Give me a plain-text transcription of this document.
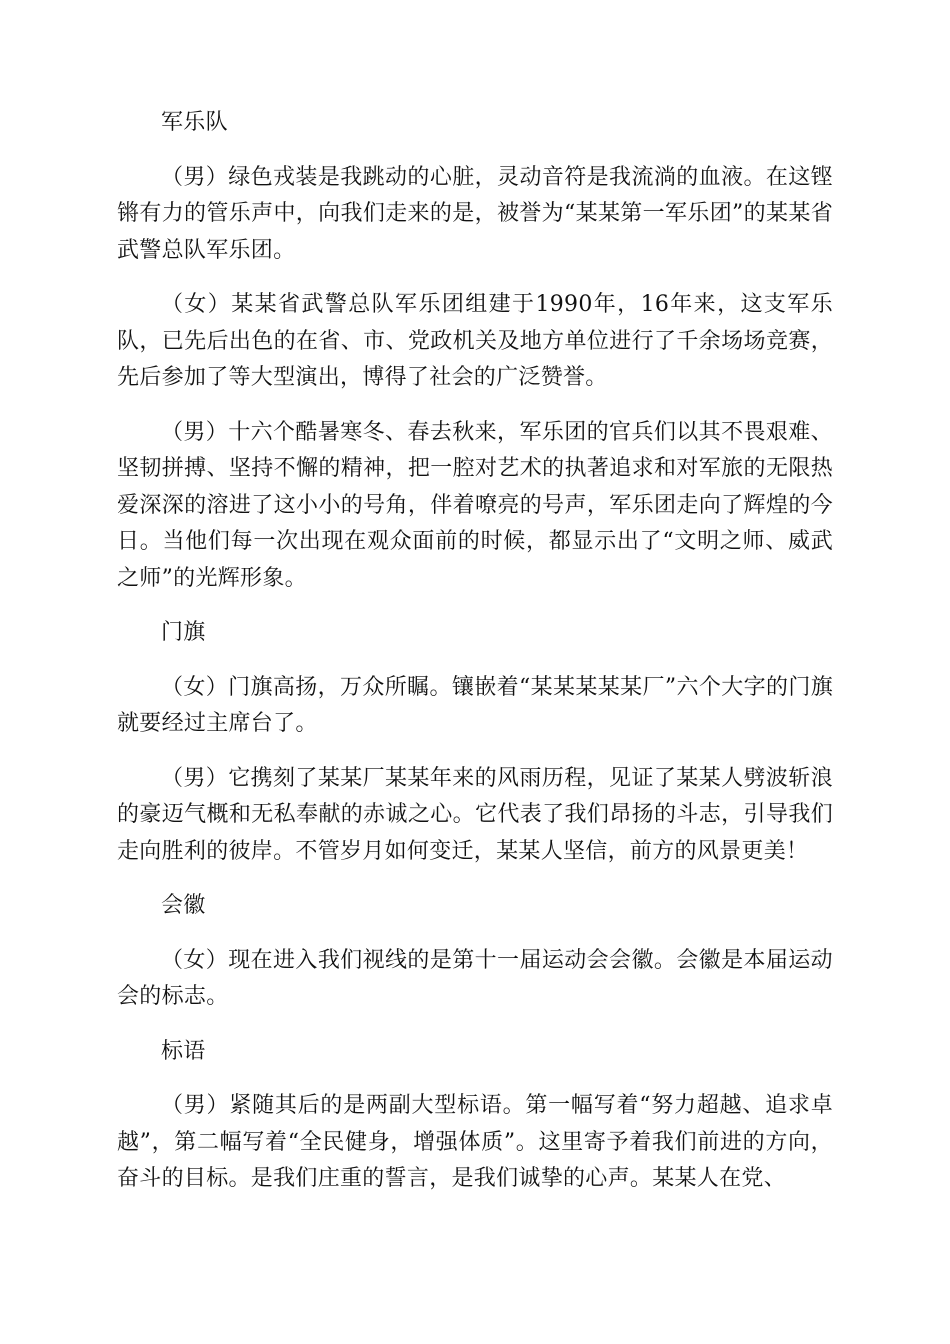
军乐队

（男）绿色戎装是我跳动的心脏，灵动音符是我流淌的血液。在这铿锵有力的管乐声中，向我们走来的是，被誉为“某某第一军乐团”的某某省武警总队军乐团。

（女）某某省武警总队军乐团组建于1990年，16年来，这支军乐队，已先后出色的在省、市、党政机关及地方单位进行了千余场场竞赛，先后参加了等大型演出，博得了社会的广泛赞誉。

（男）十六个酷暑寒冬、春去秋来，军乐团的官兵们以其不畏艰难、坚韧拼搏、坚持不懈的精神，把一腔对艺术的执著追求和对军旅的无限热爱深深的溶进了这小小的号角，伴着嘹亮的号声，军乐团走向了辉煌的今日。当他们每一次出现在观众面前的时候，都显示出了“文明之师、威武之师”的光辉形象。

门旗

（女）门旗高扬，万众所瞩。镶嵌着“某某某某某厂”六个大字的门旗就要经过主席台了。

（男）它携刻了某某厂某某年来的风雨历程，见证了某某人劈波斩浪的豪迈气概和无私奉献的赤诚之心。它代表了我们昂扬的斗志，引导我们走向胜利的彼岸。不管岁月如何变迁，某某人坚信，前方的风景更美！

会徽

（女）现在进入我们视线的是第十一届运动会会徽。会徽是本届运动会的标志。

标语

（男）紧随其后的是两副大型标语。第一幅写着“努力超越、追求卓越”，第二幅写着“全民健身，增强体质”。这里寄予着我们前进的方向，奋斗的目标。是我们庄重的誓言，是我们诚挚的心声。某某人在党、
